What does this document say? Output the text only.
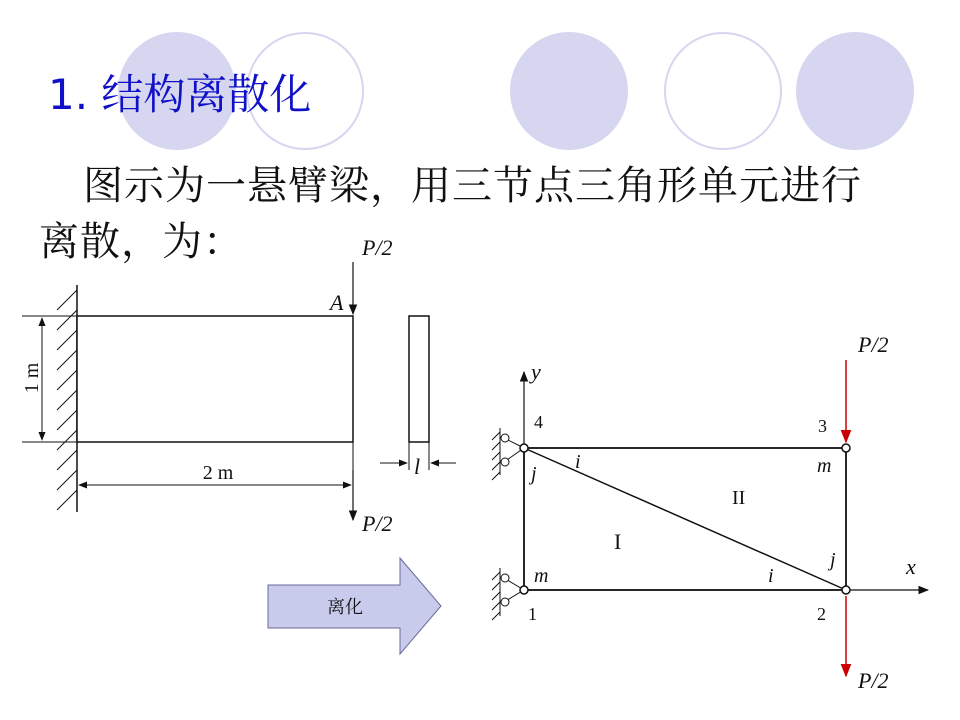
1. 结构离散化
图示为一悬臂梁，用三节点三角形单元进行
离散，为：
1 m
2 m
P/2
A
P/2
l
y
x
4	3
1	2
j
i	m
m	i
j
I
II
P/2
P/2
离化
